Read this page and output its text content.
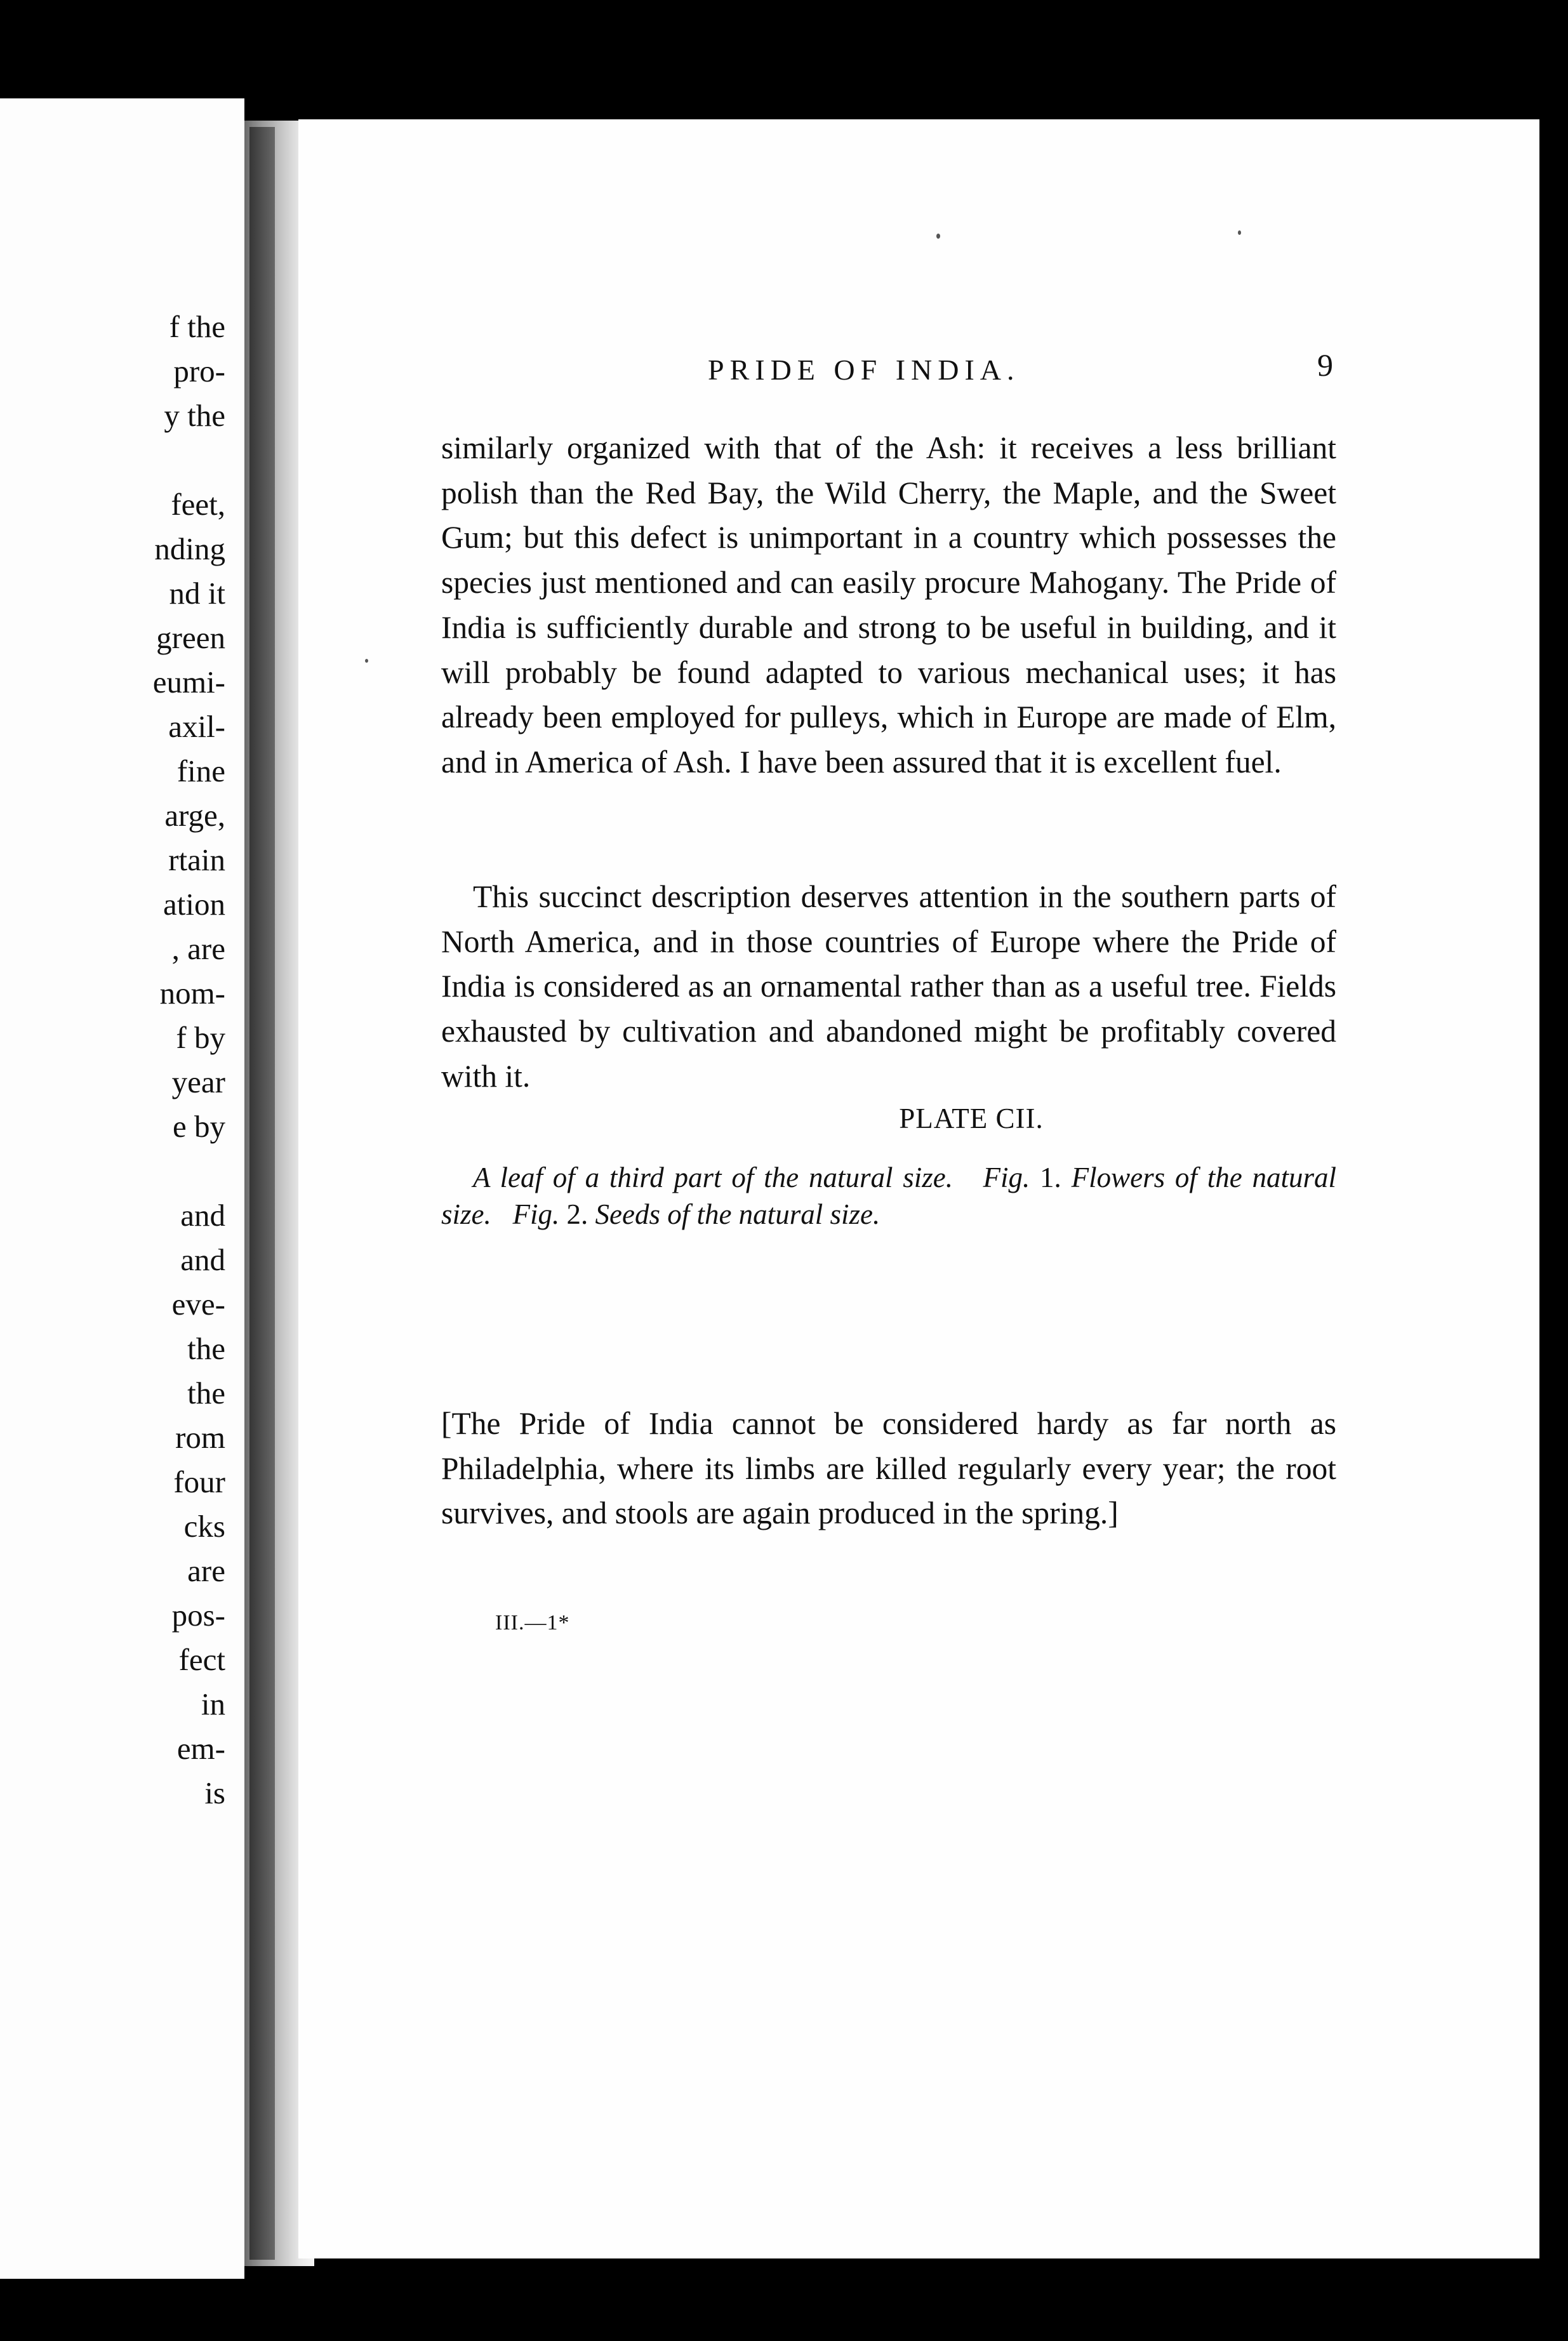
f the
pro-
y the
feet,
nding
nd it
green
eumi-
axil-
fine
arge,
rtain
ation
, are
nom-
f by
year
e by
and
and
eve-
the
the
rom
four
cks
are
pos-
fect
in
em-
is
PRIDE OF INDIA.	9

similarly organized with that of the Ash: it receives a less brilliant polish than the Red Bay, the Wild Cherry, the Maple, and the Sweet Gum; but this defect is unimportant in a country which possesses the species just mentioned and can easily procure Mahogany. The Pride of India is sufficiently durable and strong to be useful in building, and it will probably be found adapted to various mechanical uses; it has already been employed for pulleys, which in Europe are made of Elm, and in America of Ash. I have been assured that it is excellent fuel.

This succinct description deserves attention in the southern parts of North America, and in those countries of Europe where the Pride of India is considered as an ornamental rather than as a useful tree. Fields exhausted by cultivation and abandoned might be profitably covered with it.

PLATE CII.

A leaf of a third part of the natural size. Fig. 1. Flowers of the natural size. Fig. 2. Seeds of the natural size.

[The Pride of India cannot be considered hardy as far north as Philadelphia, where its limbs are killed regularly every year; the root survives, and stools are again produced in the spring.]

III.—1*
